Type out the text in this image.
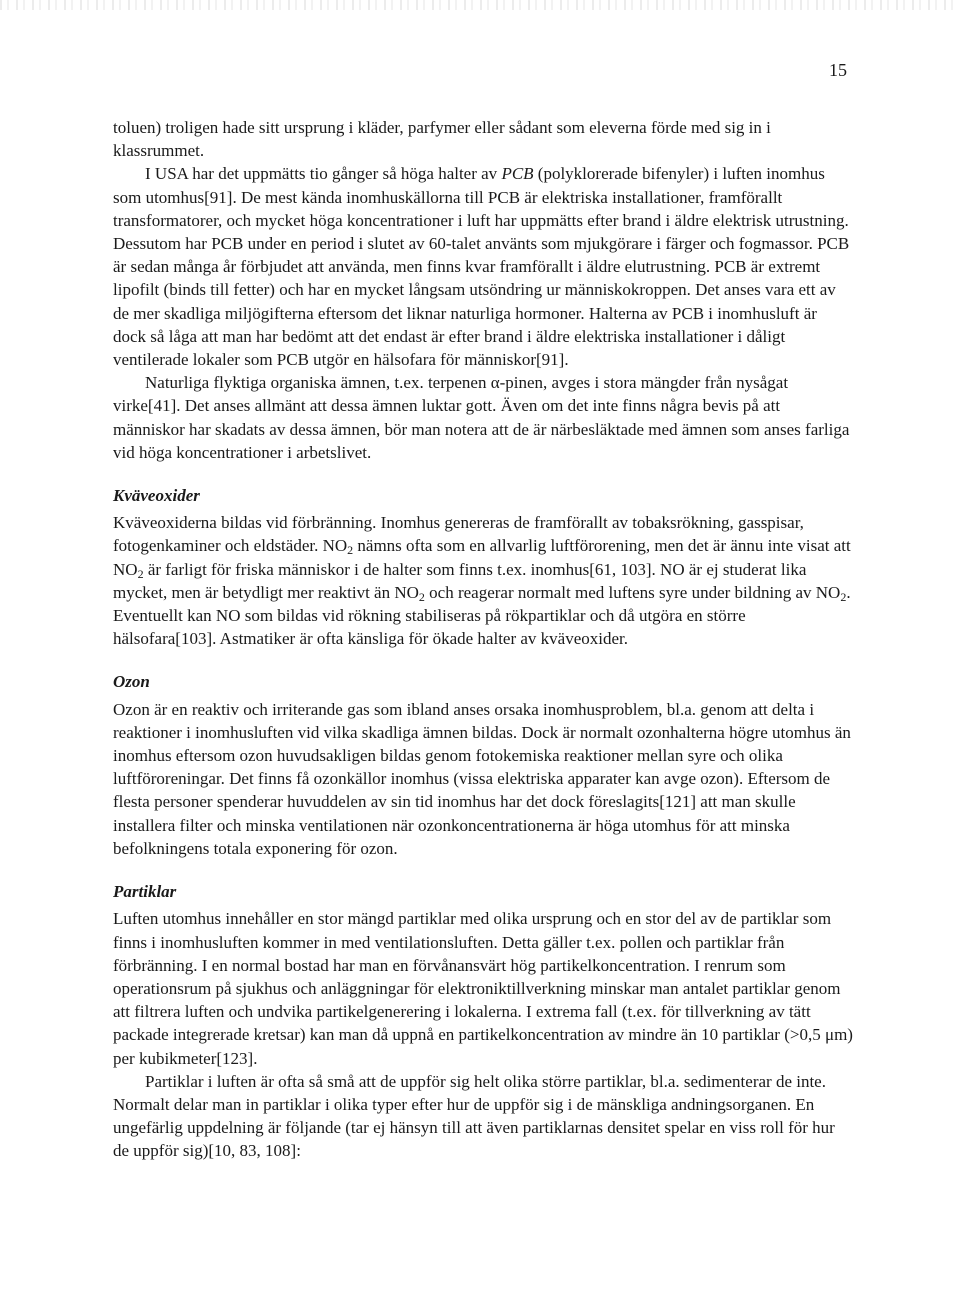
15

toluen) troligen hade sitt ursprung i kläder, parfymer eller sådant som eleverna förde med sig in i klassrummet.

I USA har det uppmätts tio gånger så höga halter av PCB (polyklorerade bifenyler) i luften inomhus som utomhus[91]. De mest kända inomhuskällorna till PCB är elektriska installationer, framförallt transformatorer, och mycket höga koncentrationer i luft har uppmätts efter brand i äldre elektrisk utrustning. Dessutom har PCB under en period i slutet av 60-talet använts som mjukgörare i färger och fogmassor. PCB är sedan många år förbjudet att använda, men finns kvar framförallt i äldre elutrustning. PCB är extremt lipofilt (binds till fetter) och har en mycket långsam utsöndring ur människokroppen. Det anses vara ett av de mer skadliga miljögifterna eftersom det liknar naturliga hormoner. Halterna av PCB i inomhusluft är dock så låga att man har bedömt att det endast är efter brand i äldre elektriska installationer i dåligt ventilerade lokaler som PCB utgör en hälsofara för människor[91].

Naturliga flyktiga organiska ämnen, t.ex. terpenen α-pinen, avges i stora mängder från nysågat virke[41]. Det anses allmänt att dessa ämnen luktar gott. Även om det inte finns några bevis på att människor har skadats av dessa ämnen, bör man notera att de är närbesläktade med ämnen som anses farliga vid höga koncentrationer i arbetslivet.

Kväveoxider

Kväveoxiderna bildas vid förbränning. Inomhus genereras de framförallt av tobaksrökning, gasspisar, fotogenkaminer och eldstäder. $NO_2$ nämns ofta som en allvarlig luftförorening, men det är ännu inte visat att $NO_2$ är farligt för friska människor i de halter som finns t.ex. inomhus[61, 103]. NO är ej studerat lika mycket, men är betydligt mer reaktivt än $NO_2$ och reagerar normalt med luftens syre under bildning av $NO_2$. Eventuellt kan NO som bildas vid rökning stabiliseras på rökpartiklar och då utgöra en större hälsofara[103]. Astmatiker är ofta känsliga för ökade halter av kväveoxider.

Ozon

Ozon är en reaktiv och irriterande gas som ibland anses orsaka inomhusproblem, bl.a. genom att delta i reaktioner i inomhusluften vid vilka skadliga ämnen bildas. Dock är normalt ozonhalterna högre utomhus än inomhus eftersom ozon huvudsakligen bildas genom fotokemiska reaktioner mellan syre och olika luftföroreningar. Det finns få ozonkällor inomhus (vissa elektriska apparater kan avge ozon). Eftersom de flesta personer spenderar huvuddelen av sin tid inomhus har det dock föreslagits[121] att man skulle installera filter och minska ventilationen när ozonkoncentrationerna är höga utomhus för att minska befolkningens totala exponering för ozon.

Partiklar

Luften utomhus innehåller en stor mängd partiklar med olika ursprung och en stor del av de partiklar som finns i inomhusluften kommer in med ventilationsluften. Detta gäller t.ex. pollen och partiklar från förbränning. I en normal bostad har man en förvånansvärt hög partikelkoncentration. I renrum som operationsrum på sjukhus och anläggningar för elektroniktillverkning minskar man antalet partiklar genom att filtrera luften och undvika partikelgenerering i lokalerna. I extrema fall (t.ex. för tillverkning av tätt packade integrerade kretsar) kan man då uppnå en partikelkoncentration av mindre än 10 partiklar (>0,5 μm) per kubikmeter[123].

Partiklar i luften är ofta så små att de uppför sig helt olika större partiklar, bl.a. sedimenterar de inte. Normalt delar man in partiklar i olika typer efter hur de uppför sig i de mänskliga andningsorganen. En ungefärlig uppdelning är följande (tar ej hänsyn till att även partiklarnas densitet spelar en viss roll för hur de uppför sig)[10, 83, 108]:
